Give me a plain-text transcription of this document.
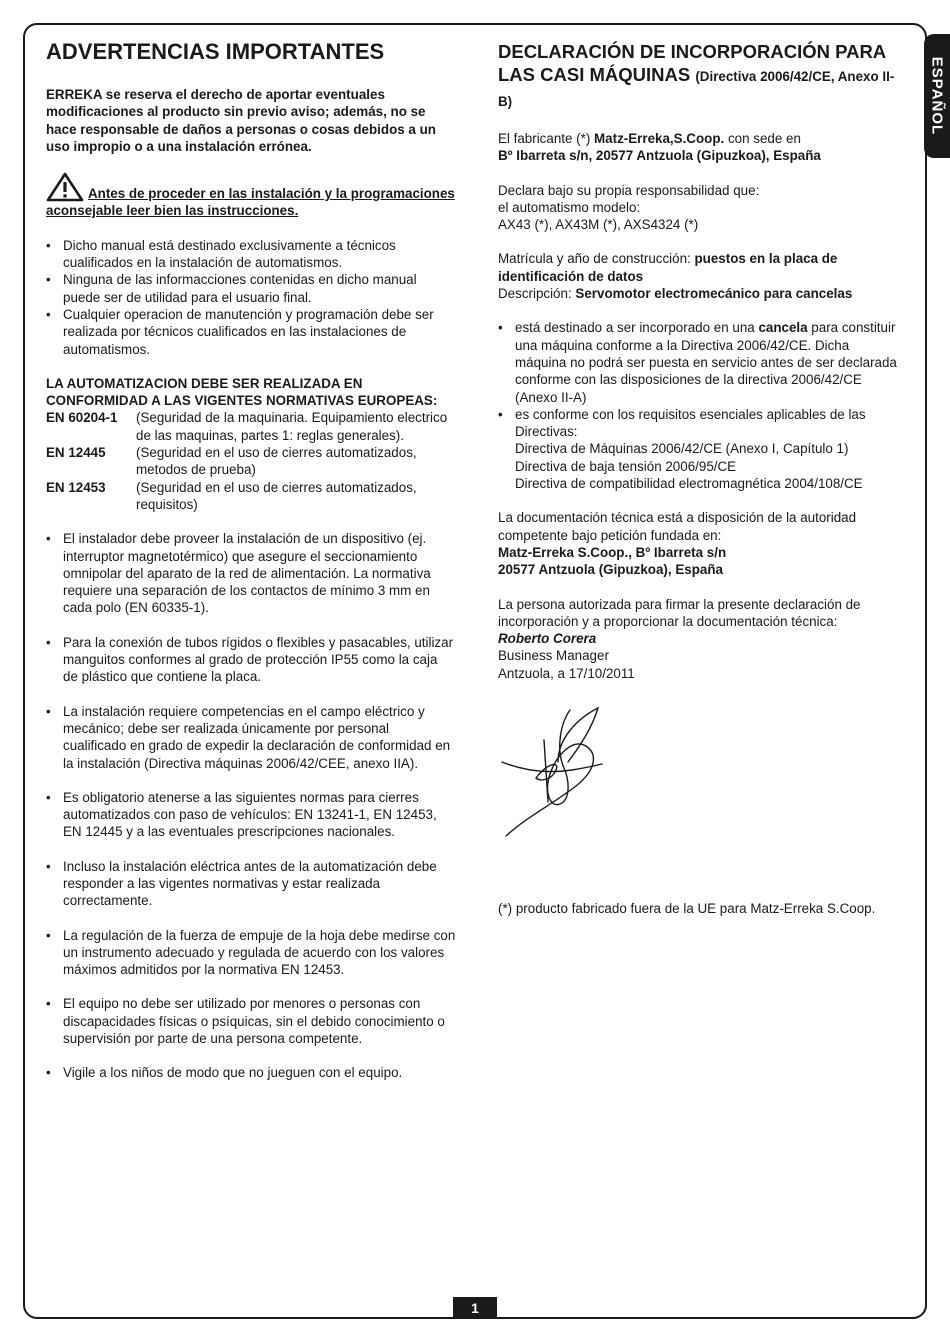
ESPAÑOL
ADVERTENCIAS IMPORTANTES

ERREKA se reserva el derecho de aportar eventuales modificaciones al producto sin previo aviso; además, no se hace responsable de daños a personas o cosas debidos a un uso impropio o a una instalación errónea.

Antes de proceder en las instalación y la programaciones aconsejable leer bien las instrucciones.

• Dicho manual está destinado exclusivamente a técnicos cualificados en la instalación de automatismos.
• Ninguna de las informacciones contenidas en dicho manual puede ser de utilidad para el usuario final.
• Cualquier operacion de manutención y programación debe ser realizada por técnicos cualificados en las instalaciones de automatismos.

LA AUTOMATIZACION DEBE SER REALIZADA EN CONFORMIDAD A LAS VIGENTES NORMATIVAS EUROPEAS:

EN 60204-1	(Seguridad de la maquinaria. Equipamiento electrico de las maquinas, partes 1: reglas generales).
EN 12445	(Seguridad en el uso de cierres automatizados, metodos de prueba)
EN 12453	(Seguridad en el uso de cierres automatizados, requisitos)
• El instalador debe proveer la instalación de un dispositivo (ej. interruptor magnetotérmico) que asegure el seccionamiento omnipolar del aparato de la red de alimentación. La normativa requiere una separación de los contactos de mínimo 3 mm en cada polo (EN 60335-1).
• Para la conexión de tubos rígidos o flexibles y pasacables, utilizar manguitos conformes al grado de protección IP55 como la caja de plástico que contiene la placa.
• La instalación requiere competencias en el campo eléctrico y mecánico; debe ser realizada únicamente por personal cualificado en grado de expedir la declaración de conformidad en la instalación (Directiva máquinas 2006/42/CEE, anexo IIA).
• Es obligatorio atenerse a las siguientes normas para cierres automatizados con paso de vehículos: EN 13241-1, EN 12453, EN 12445 y a las eventuales prescripciones nacionales.
• Incluso la instalación eléctrica antes de la automatización debe responder a las vigentes normativas y estar realizada correctamente.
• La regulación de la fuerza de empuje de la hoja debe medirse con un instrumento adecuado y regulada de acuerdo con los valores máximos admitidos por la normativa EN 12453.
• El equipo no debe ser utilizado por menores o personas con discapacidades físicas o psíquicas, sin el debido conocimiento o supervisión por parte de una persona competente.
• Vigile a los niños de modo que no jueguen con el equipo.
DECLARACIÓN DE INCORPORACIÓN PARA LAS CASI MÁQUINAS (Directiva 2006/42/CE, Anexo II-B)

El fabricante (*) Matz-Erreka,S.Coop. con sede en

Bº Ibarreta s/n, 20577 Antzuola (Gipuzkoa), España

Declara bajo su propia responsabilidad que:

el automatismo modelo:

AX43 (*), AX43M (*), AXS4324 (*)

Matrícula y año de construcción: puestos en la placa de identificación de datos

Descripción: Servomotor electromecánico para cancelas

• está destinado a ser incorporado en una cancela para constituir una máquina conforme a la Directiva 2006/42/CE. Dicha máquina no podrá ser puesta en servicio antes de ser declarada conforme con las disposiciones de la directiva 2006/42/CE (Anexo II-A)
• es conforme con los requisitos esenciales aplicables de las Directivas:
Directiva de Máquinas 2006/42/CE (Anexo I, Capítulo 1)
Directiva de baja tensión 2006/95/CE
Directiva de compatibilidad electromagnética 2004/108/CE

La documentación técnica está a disposición de la autoridad competente bajo petición fundada en:

Matz-Erreka S.Coop., Bº Ibarreta s/n

20577 Antzuola (Gipuzkoa), España

La persona autorizada para firmar la presente declaración de incorporación y a proporcionar la documentación técnica:

Roberto Corera

Business Manager

Antzuola, a 17/10/2011

(*) producto fabricado fuera de la UE para Matz-Erreka S.Coop.

1
